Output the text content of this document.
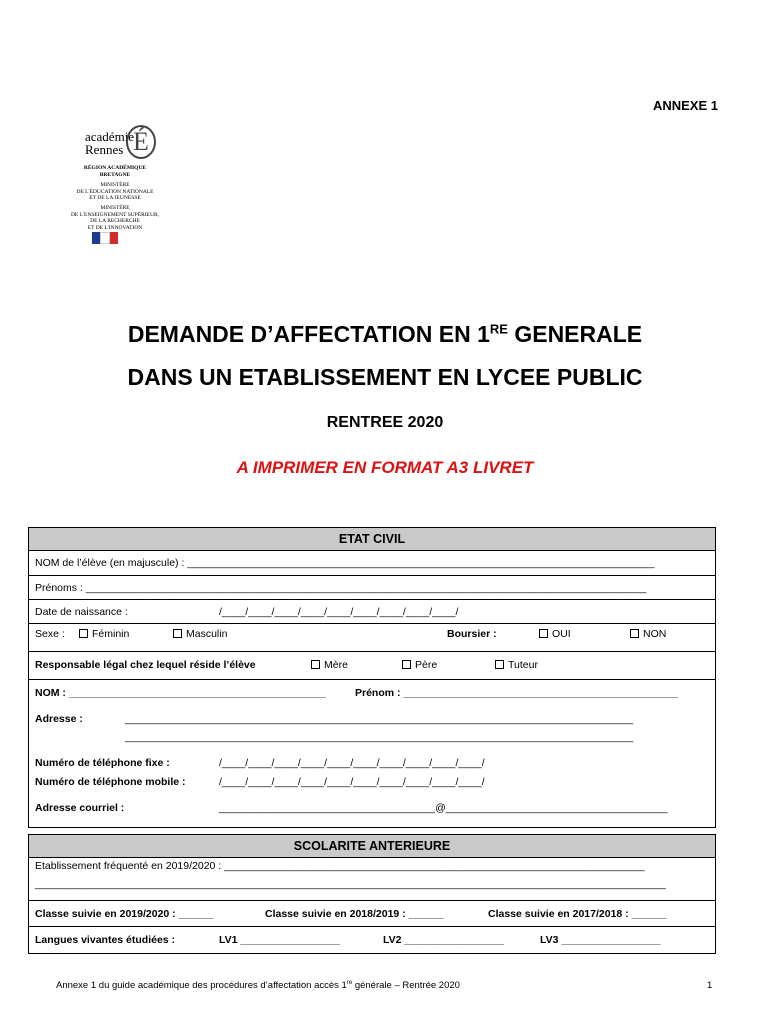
ANNEXE 1
académie
Rennes É
RÉGION ACADÉMIQUE
BRETAGNE
MINISTÈRE
DE L'ÉDUCATION NATIONALE
ET DE LA JEUNESSE
MINISTÈRE
DE L'ENSEIGNEMENT SUPÉRIEUR,
DE LA RECHERCHE
ET DE L'INNOVATION
DEMANDE D’AFFECTATION EN 1RE GENERALE
DANS UN ETABLISSEMENT EN LYCEE PUBLIC
RENTREE 2020
A IMPRIMER EN FORMAT A3 LIVRET
ETAT CIVIL
NOM de l’élève (en majuscule) : ________________________________________________________________________________
Prénoms : ________________________________________________________________________________________________
Date de naissance :	/____/____/____/____/____/____/____/____/____/
Sexe :	Féminin	Masculin	Boursier :	OUI	NON
Responsable légal chez lequel réside l’élève	Mère	Père	Tuteur
NOM : ____________________________________________	Prénom : _______________________________________________
Adresse :	_______________________________________________________________________________________
_______________________________________________________________________________________
Numéro de téléphone fixe :	/____/____/____/____/____/____/____/____/____/____/
Numéro de téléphone mobile :	/____/____/____/____/____/____/____/____/____/____/
Adresse courriel :	_____________________________________@______________________________________
SCOLARITE ANTERIEURE
Etablissement fréquenté en 2019/2020 : ________________________________________________________________________
____________________________________________________________________________________________________________
Classe suivie en 2019/2020 : ______	Classe suivie en 2018/2019 : ______	Classe suivie en 2017/2018 : ______
Langues vivantes étudiées :	LV1 _________________	LV2 _________________	LV3 _________________
Annexe 1 du guide académique des procédures d’affectation accès 1re générale – Rentrée 2020	1
